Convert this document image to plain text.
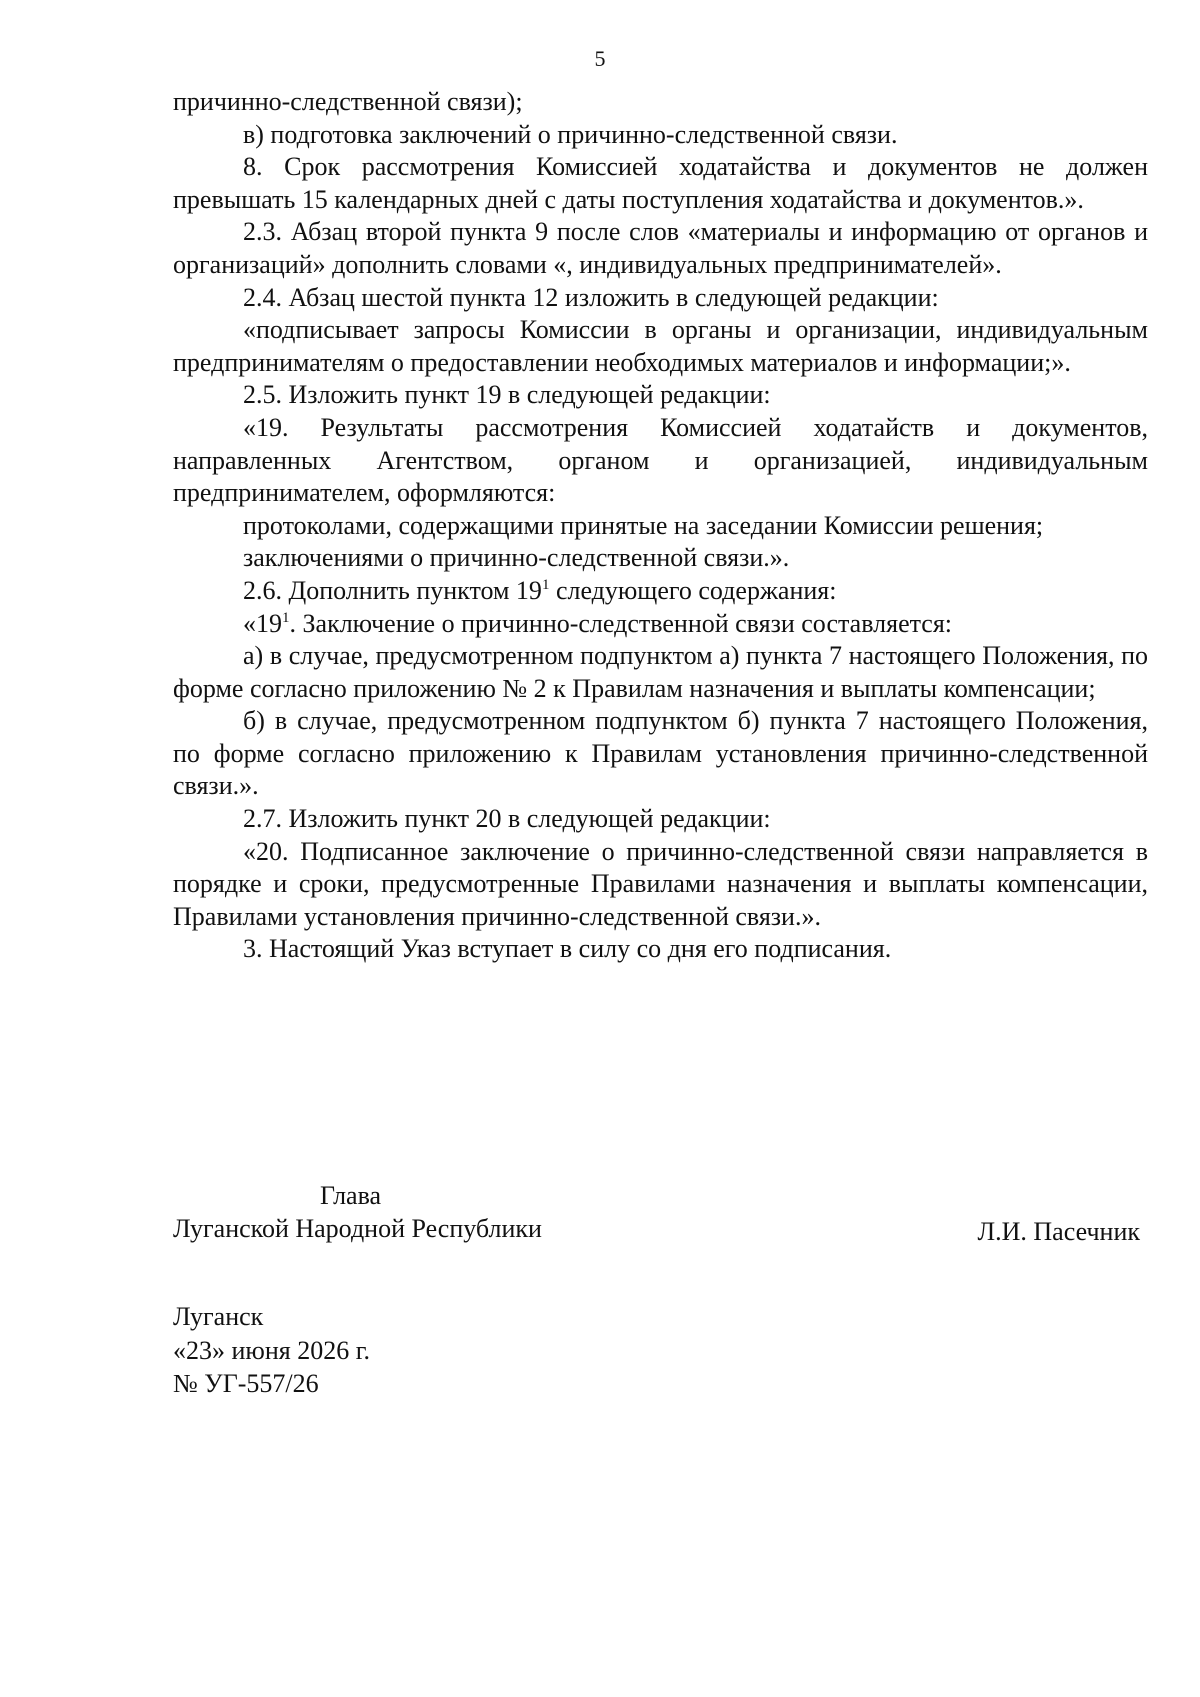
5

причинно-следственной связи);

в) подготовка заключений о причинно-следственной связи.

8. Срок рассмотрения Комиссией ходатайства и документов не должен превышать 15 календарных дней с даты поступления ходатайства и документов.».

2.3. Абзац второй пункта 9 после слов «материалы и информацию от органов и организаций» дополнить словами «, индивидуальных предпринимателей».

2.4. Абзац шестой пункта 12 изложить в следующей редакции:

«подписывает запросы Комиссии в органы и организации, индивидуальным предпринимателям о предоставлении необходимых материалов и информации;».

2.5. Изложить пункт 19 в следующей редакции:

«19. Результаты рассмотрения Комиссией ходатайств и документов, направленных Агентством, органом и организацией, индивидуальным предпринимателем, оформляются:

протоколами, содержащими принятые на заседании Комиссии решения;

заключениями о причинно-следственной связи.».

2.6. Дополнить пунктом $19^1$ следующего содержания:

«$19^1$. Заключение о причинно-следственной связи составляется:

а) в случае, предусмотренном подпунктом а) пункта 7 настоящего Положения, по форме согласно приложению № 2 к Правилам назначения и выплаты компенсации;

б) в случае, предусмотренном подпунктом б) пункта 7 настоящего Положения, по форме согласно приложению к Правилам установления причинно-следственной связи.».

2.7. Изложить пункт 20 в следующей редакции:

«20. Подписанное заключение о причинно-следственной связи направляется в порядке и сроки, предусмотренные Правилами назначения и выплаты компенсации, Правилами установления причинно-следственной связи.».

3. Настоящий Указ вступает в силу со дня его подписания.

Глава
Луганской Народной Республики	Л.И. Пасечник
Луганск
«23» июня 2026 г.
№ УГ-557/26
